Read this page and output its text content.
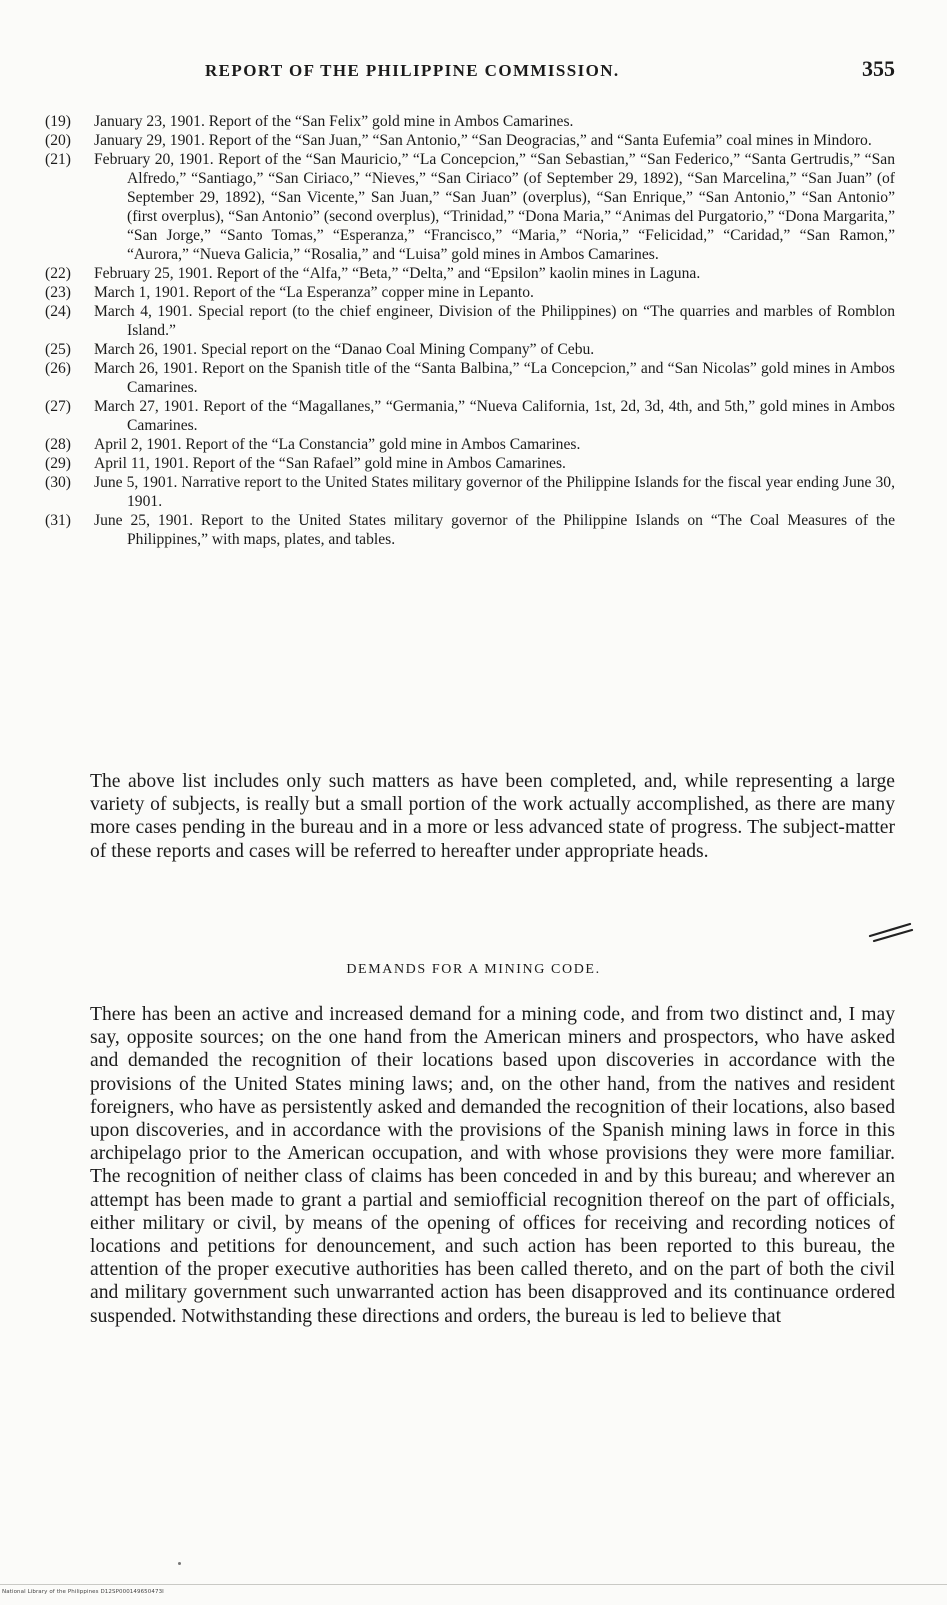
REPORT OF THE PHILIPPINE COMMISSION.	355
(19)	January 23, 1901. Report of the “San Felix” gold mine in Ambos Camarines.
(20)	January 29, 1901. Report of the “San Juan,” “San Antonio,” “San Deogracias,” and “Santa Eufemia” coal mines in Mindoro.
(21)	February 20, 1901. Report of the “San Mauricio,” “La Concepcion,” “San Sebastian,” “San Federico,” “Santa Gertrudis,” “San Alfredo,” “Santiago,” “San Ciriaco,” “Nieves,” “San Ciriaco” (of September 29, 1892), “San Marcelina,” “San Juan” (of September 29, 1892), “San Vicente,” San Juan,” “San Juan” (overplus), “San Enrique,” “San Antonio,” “San Antonio” (first overplus), “San Antonio” (second overplus), “Trinidad,” “Dona Maria,” “Animas del Purgatorio,” “Dona Margarita,” “San Jorge,” “Santo Tomas,” “Esperanza,” “Francisco,” “Maria,” “Noria,” “Felicidad,” “Caridad,” “San Ramon,” “Aurora,” “Nueva Galicia,” “Rosalia,” and “Luisa” gold mines in Ambos Camarines.
(22)	February 25, 1901. Report of the “Alfa,” “Beta,” “Delta,” and “Epsilon” kaolin mines in Laguna.
(23)	March 1, 1901. Report of the “La Esperanza” copper mine in Lepanto.
(24)	March 4, 1901. Special report (to the chief engineer, Division of the Philippines) on “The quarries and marbles of Romblon Island.”
(25)	March 26, 1901. Special report on the “Danao Coal Mining Company” of Cebu.
(26)	March 26, 1901. Report on the Spanish title of the “Santa Balbina,” “La Concepcion,” and “San Nicolas” gold mines in Ambos Camarines.
(27)	March 27, 1901. Report of the “Magallanes,” “Germania,” “Nueva California, 1st, 2d, 3d, 4th, and 5th,” gold mines in Ambos Camarines.
(28)	April 2, 1901. Report of the “La Constancia” gold mine in Ambos Camarines.
(29)	April 11, 1901. Report of the “San Rafael” gold mine in Ambos Camarines.
(30)	June 5, 1901. Narrative report to the United States military governor of the Philippine Islands for the fiscal year ending June 30, 1901.
(31)	June 25, 1901. Report to the United States military governor of the Philippine Islands on “The Coal Measures of the Philippines,” with maps, plates, and tables.

The above list includes only such matters as have been completed, and, while representing a large variety of subjects, is really but a small portion of the work actually accomplished, as there are many more cases pending in the bureau and in a more or less advanced state of progress. The subject-matter of these reports and cases will be referred to hereafter under appropriate heads.

DEMANDS FOR A MINING CODE.

There has been an active and increased demand for a mining code, and from two distinct and, I may say, opposite sources; on the one hand from the American miners and prospectors, who have asked and demanded the recognition of their locations based upon discoveries in accordance with the provisions of the United States mining laws; and, on the other hand, from the natives and resident foreigners, who have as persistently asked and demanded the recognition of their locations, also based upon discoveries, and in accordance with the provisions of the Spanish mining laws in force in this archipelago prior to the American occupation, and with whose provisions they were more familiar. The recognition of neither class of claims has been conceded in and by this bureau; and wherever an attempt has been made to grant a partial and semiofficial recognition thereof on the part of officials, either military or civil, by means of the opening of offices for receiving and recording notices of locations and petitions for denouncement, and such action has been reported to this bureau, the attention of the proper executive authorities has been called thereto, and on the part of both the civil and military government such unwarranted action has been disapproved and its continuance ordered suspended. Notwithstanding these directions and orders, the bureau is led to believe that

National Library of the Philippines D12SP000149650473I
